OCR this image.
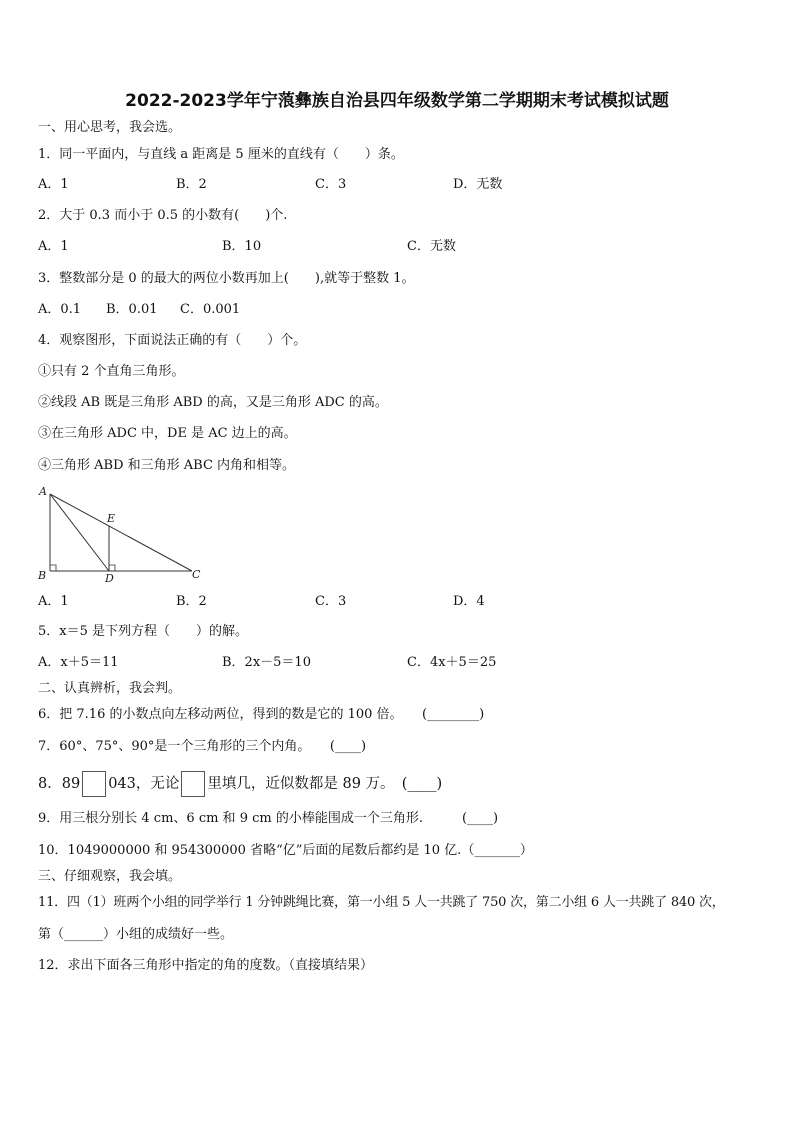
2022-2023学年宁蒗彝族自治县四年级数学第二学期期末考试模拟试题
一、用心思考，我会选。
1．同一平面内，与直线 a 距离是 5 厘米的直线有（　　）条。
A．1	B．2	C．3	D．无数
2．大于 0.3 而小于 0.5 的小数有(　　)个.
A．1	B．10	C．无数
3．整数部分是 0 的最大的两位小数再加上(　　),就等于整数 1。
A．0.1 B．0.01 C．0.001
4．观察图形，下面说法正确的有（　　）个。
①只有 2 个直角三角形。
②线段 AB 既是三角形 ABD 的高，又是三角形 ADC 的高。
③在三角形 ADC 中，DE 是 AC 边上的高。
④三角形 ABD 和三角形 ABC 内角和相等。
A
B	D
E
C
A．1	B．2	C．3	D．4
5．x＝5 是下列方程（　　）的解。
A．x＋5＝11	B．2x－5＝10	C．4x＋5＝25
二、认真辨析，我会判。
6．把 7.16 的小数点向左移动两位，得到的数是它的 100 倍。　　(________)
7．60°、75°、90°是一个三角形的三个内角。　　(____)
8．89 043，无论 里填几，近似数都是 89 万。　(____)
9．用三根分别长 4 cm、6 cm 和 9 cm 的小棒能围成一个三角形.　　　(____)
10．1049000000 和 954300000 省略“亿”后面的尾数后都约是 10 亿.（_______）
三、仔细观察，我会填。
11．四（1）班两个小组的同学举行 1 分钟跳绳比赛，第一小组 5 人一共跳了 750 次，第二小组 6 人一共跳了 840 次，
第（______）小组的成绩好一些。
12．求出下面各三角形中指定的角的度数。（直接填结果）
